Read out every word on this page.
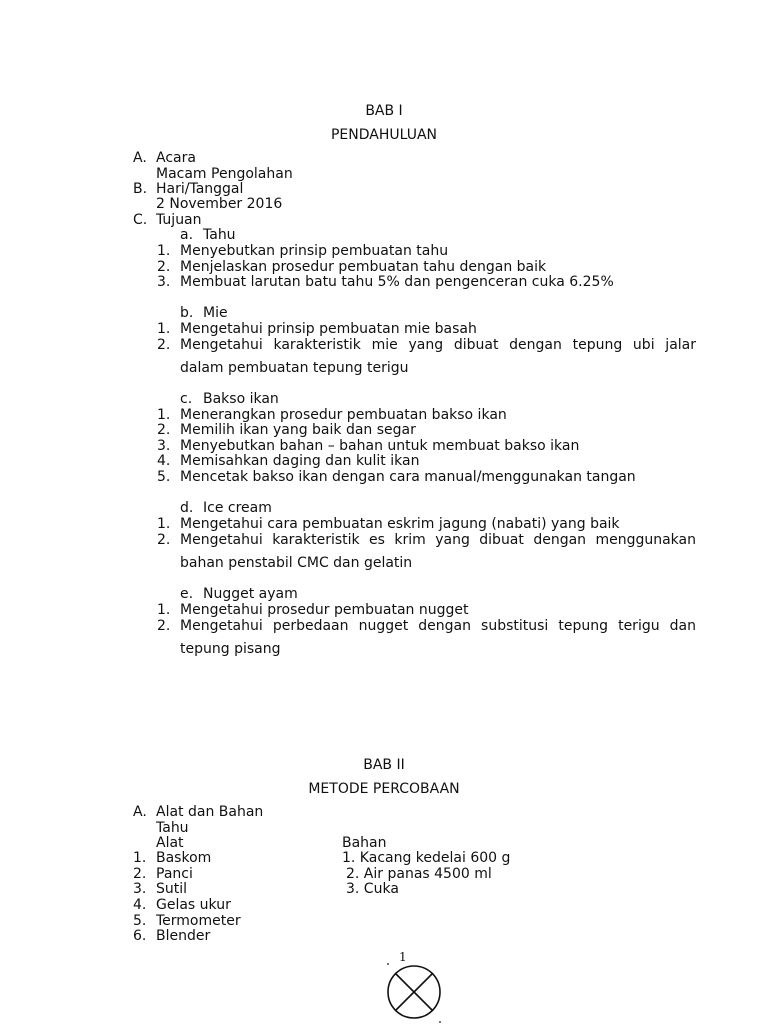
BAB I
PENDAHULUAN
A. Acara
Macam Pengolahan
B. Hari/Tanggal
2 November 2016
C. Tujuan
a. Tahu
1. Menyebutkan prinsip pembuatan tahu
2. Menjelaskan prosedur pembuatan tahu dengan baik
3. Membuat larutan batu tahu 5% dan pengenceran cuka 6.25%
b. Mie
1. Mengetahui prinsip pembuatan mie basah
2. Mengetahui karakteristik mie yang dibuat dengan tepung ubi jalar
dalam pembuatan tepung terigu
c. Bakso ikan
1. Menerangkan prosedur pembuatan bakso ikan
2. Memilih ikan yang baik dan segar
3. Menyebutkan bahan – bahan untuk membuat bakso ikan
4. Memisahkan daging dan kulit ikan
5. Mencetak bakso ikan dengan cara manual/menggunakan tangan
d. Ice cream
1. Mengetahui cara pembuatan eskrim jagung (nabati) yang baik
2. Mengetahui karakteristik es krim yang dibuat dengan menggunakan
bahan penstabil CMC dan gelatin
e. Nugget ayam
1. Mengetahui prosedur pembuatan nugget
2. Mengetahui perbedaan nugget dengan substitusi tepung terigu dan
tepung pisang
BAB II
METODE PERCOBAAN
A. Alat dan Bahan
Tahu
Alat	Bahan
1. Baskom	1. Kacang kedelai 600 g
2. Panci	2. Air panas 4500 ml
3. Sutil	3. Cuka
4. Gelas ukur
5. Termometer
6. Blender
1
